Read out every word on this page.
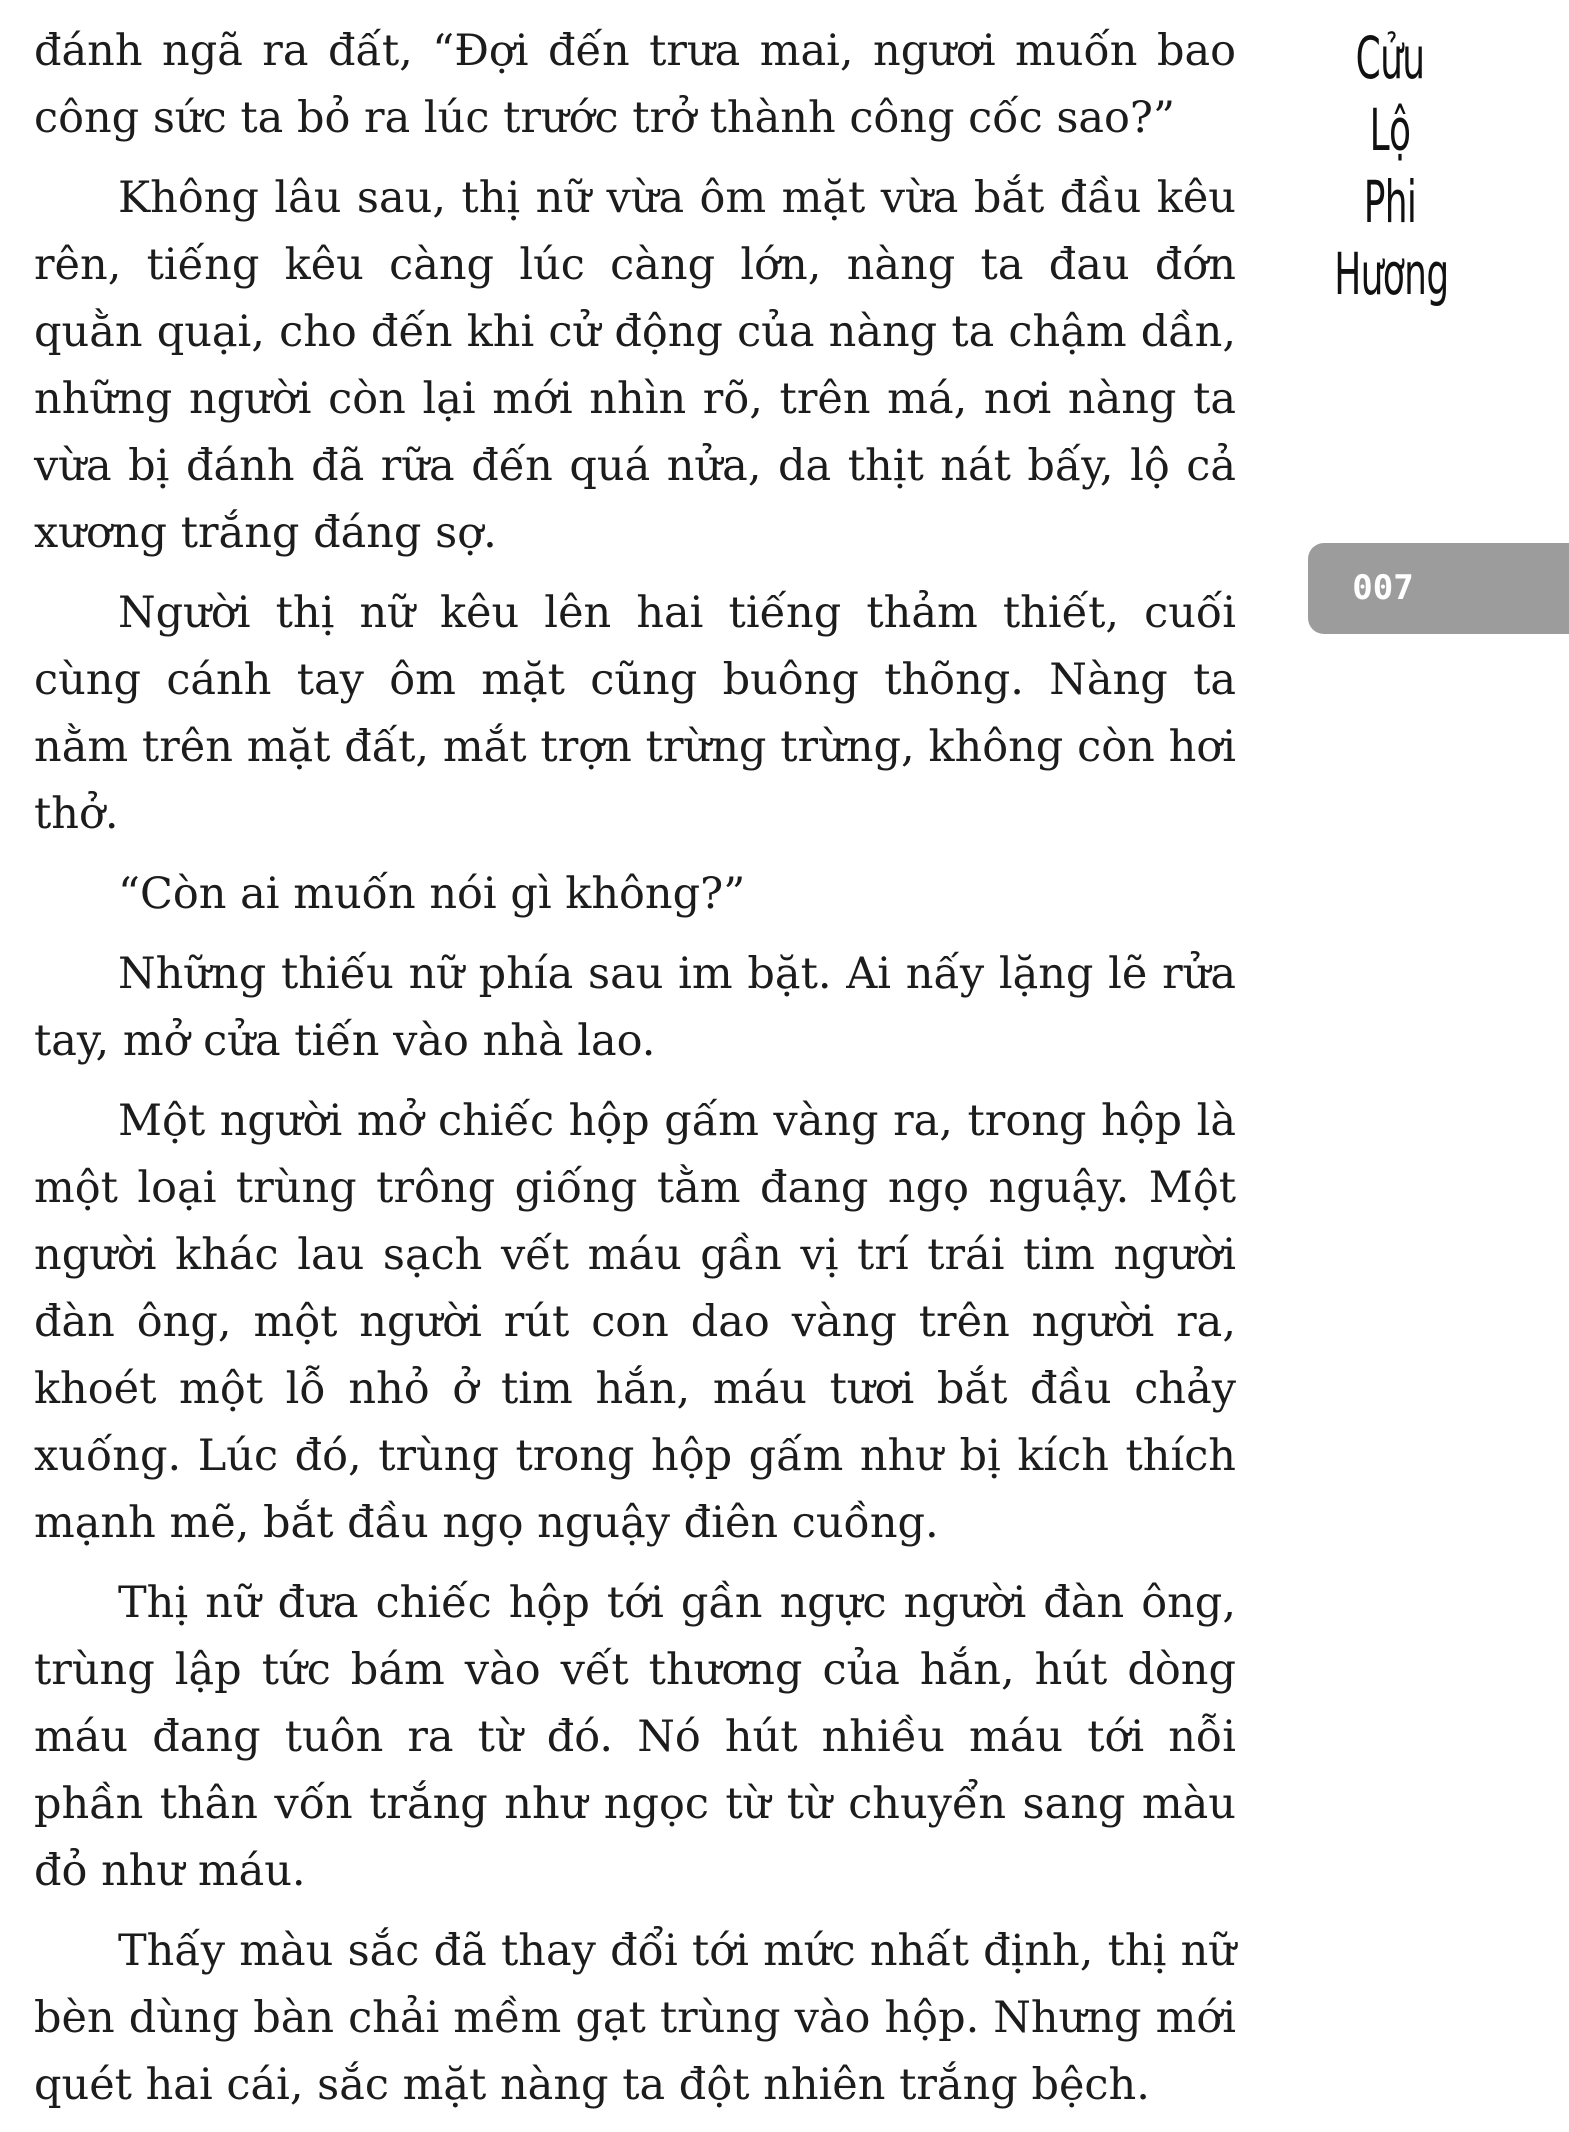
Cửu Lộ
Phi
Hương
007

đánh ngã ra đất, “Đợi đến trưa mai, ngươi muốn bao công sức ta bỏ ra lúc trước trở thành công cốc sao?”

Không lâu sau, thị nữ vừa ôm mặt vừa bắt đầu kêu rên, tiếng kêu càng lúc càng lớn, nàng ta đau đớn quằn quại, cho đến khi cử động của nàng ta chậm dần, những người còn lại mới nhìn rõ, trên má, nơi nàng ta vừa bị đánh đã rữa đến quá nửa, da thịt nát bấy, lộ cả xương trắng đáng sợ.

Người thị nữ kêu lên hai tiếng thảm thiết, cuối cùng cánh tay ôm mặt cũng buông thõng. Nàng ta nằm trên mặt đất, mắt trợn trừng trừng, không còn hơi thở.

“Còn ai muốn nói gì không?”

Những thiếu nữ phía sau im bặt. Ai nấy lặng lẽ rửa tay, mở cửa tiến vào nhà lao.

Một người mở chiếc hộp gấm vàng ra, trong hộp là một loại trùng trông giống tằm đang ngọ nguậy. Một người khác lau sạch vết máu gần vị trí trái tim người đàn ông, một người rút con dao vàng trên người ra, khoét một lỗ nhỏ ở tim hắn, máu tươi bắt đầu chảy xuống. Lúc đó, trùng trong hộp gấm như bị kích thích mạnh mẽ, bắt đầu ngọ nguậy điên cuồng.

Thị nữ đưa chiếc hộp tới gần ngực người đàn ông, trùng lập tức bám vào vết thương của hắn, hút dòng máu đang tuôn ra từ đó. Nó hút nhiều máu tới nỗi phần thân vốn trắng như ngọc từ từ chuyển sang màu đỏ như máu.

Thấy màu sắc đã thay đổi tới mức nhất định, thị nữ bèn dùng bàn chải mềm gạt trùng vào hộp. Nhưng mới quét hai cái, sắc mặt nàng ta đột nhiên trắng bệch.
